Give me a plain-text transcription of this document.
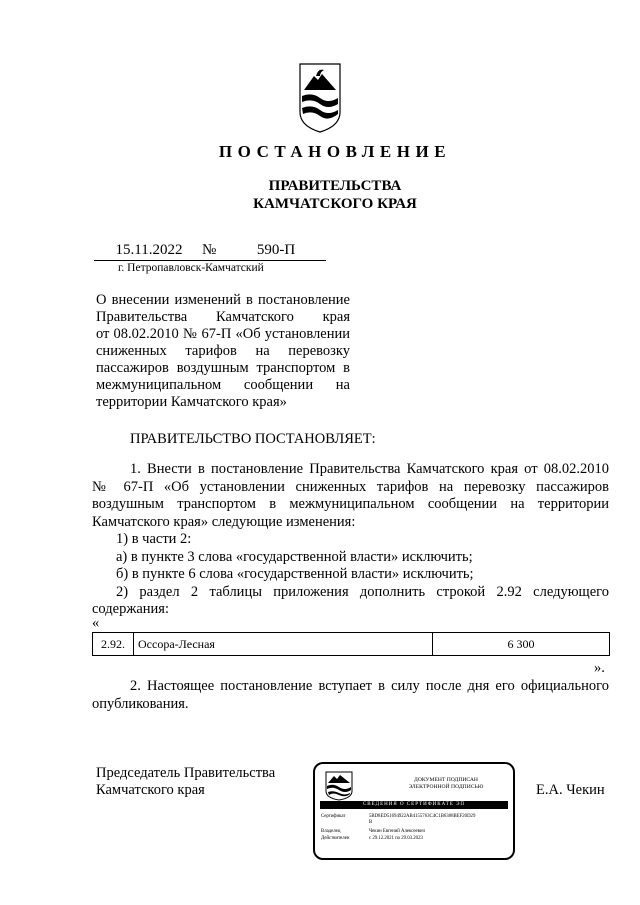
ПОСТАНОВЛЕНИЕ
ПРАВИТЕЛЬСТВА
КАМЧАТСКОГО КРАЯ
15.11.2022	№	590-П
г. Петропавловск-Камчатский
О внесении изменений в постановление
Правительства Камчатского края
от 08.02.2010 № 67-П «Об установлении
сниженных тарифов на перевозку
пассажиров воздушным транспортом в
межмуниципальном сообщении на
территории Камчатского края»
ПРАВИТЕЛЬСТВО ПОСТАНОВЛЯЕТ:

1. Внести в постановление Правительства Камчатского края от 08.02.2010

№ 67-П «Об установлении сниженных тарифов на перевозку пассажиров

воздушным транспортом в межмуниципальном сообщении на территории

Камчатского края» следующие изменения:

1) в части 2:

а) в пункте 3 слова «государственной власти» исключить;

б) в пункте 6 слова «государственной власти» исключить;

2) раздел 2 таблицы приложения дополнить строкой 2.92 следующего

содержания:

«
2.92.	Оссора-Лесная	6 300
».

2. Настоящее постановление вступает в силу после дня его официального

опубликования.

Председатель Правительства
Камчатского края
ДОКУМЕНТ ПОДПИСАН
ЭЛЕКТРОННОЙ ПОДПИСЬЮ
СВЕДЕНИЯ О СЕРТИФИКАТЕ ЭП
Сертификат	5BD8ED51694922AB4155763C4C1B6388BEF20D29
B
Владелец	Чекин Евгений Алексеевич
Действителен	с 29.12.2021 по 29.03.2023
Е.А. Чекин
